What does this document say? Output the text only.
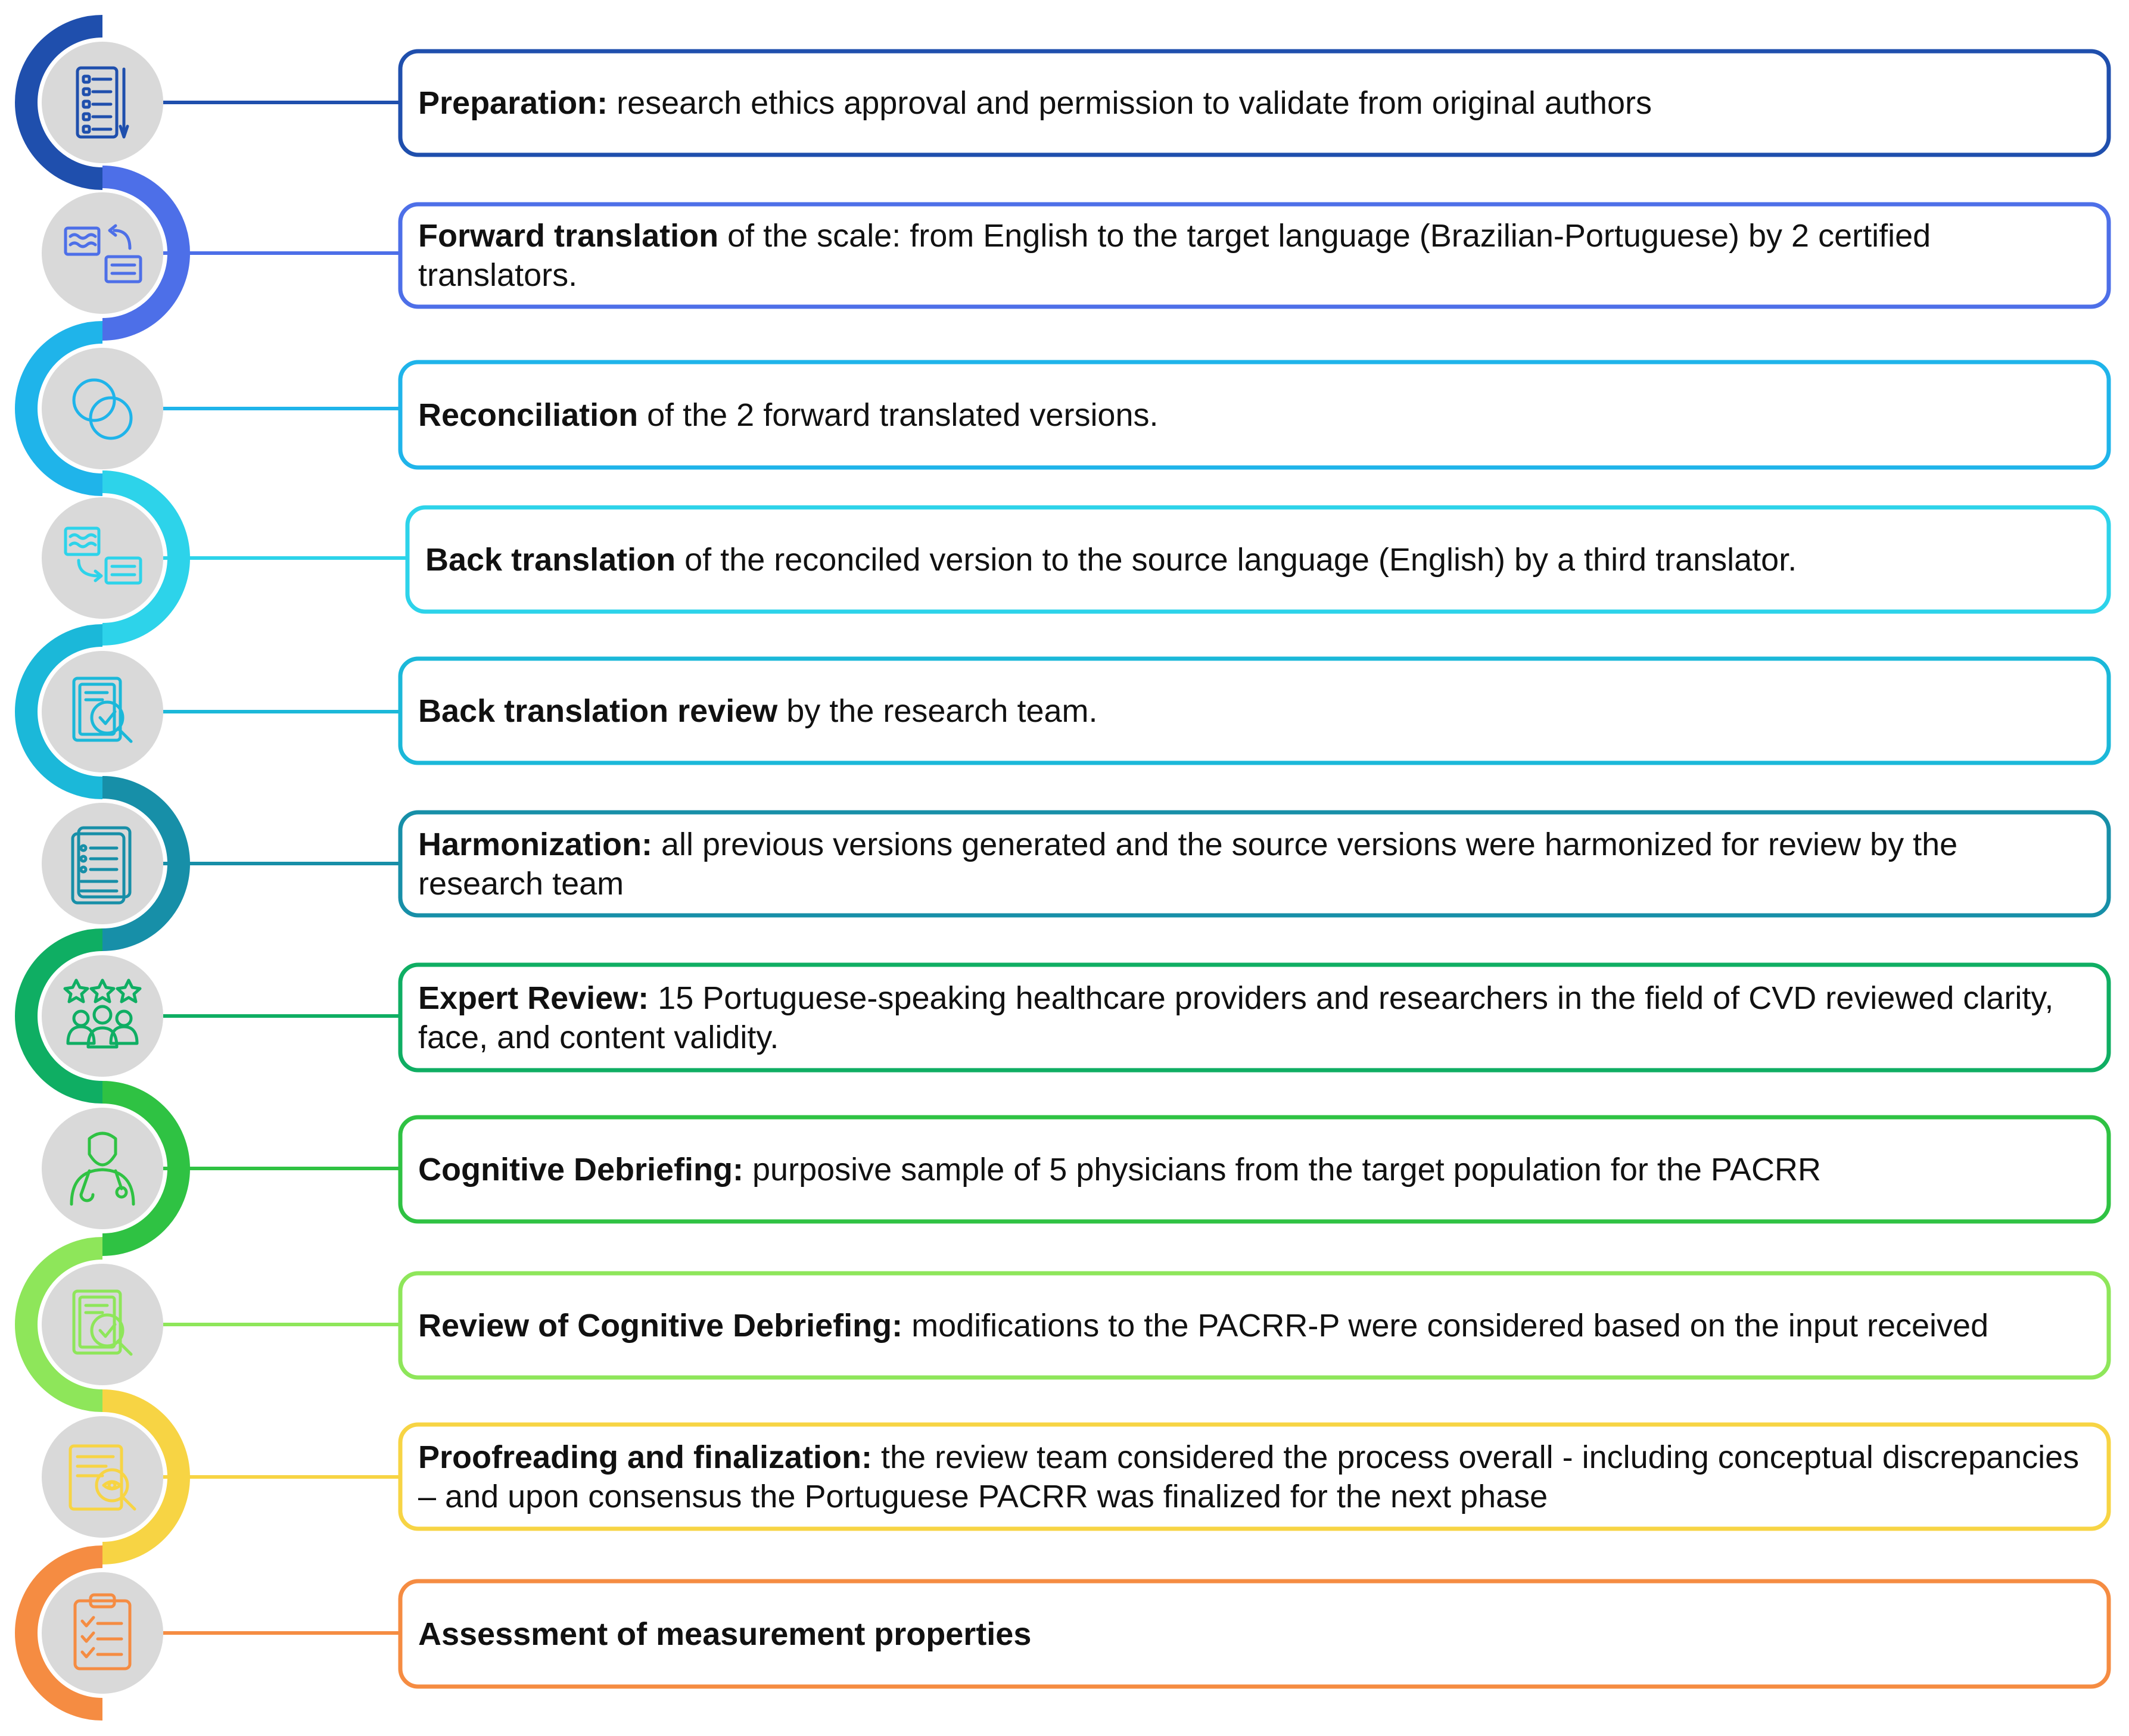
Preparation: research ethics approval and permission to validate from original authors
Forward translation of the scale: from English to the target language (Brazilian-Portuguese) by 2 certified translators.
Reconciliation of the 2 forward translated versions.
Back translation of the reconciled version to the source language (English) by a third translator.
Back translation review by the research team.
Harmonization: all previous versions generated and the source versions were harmonized for review by the research team
Expert Review: 15 Portuguese-speaking healthcare providers and researchers in the field of CVD reviewed clarity, face, and content validity.
Cognitive Debriefing: purposive sample of 5 physicians from the target population for the PACRR
Review of Cognitive Debriefing: modifications to the PACRR-P were considered based on the input received
Proofreading and finalization: the review team considered the process overall - including conceptual discrepancies – and upon consensus the Portuguese PACRR was finalized for the next phase
Assessment of measurement properties
